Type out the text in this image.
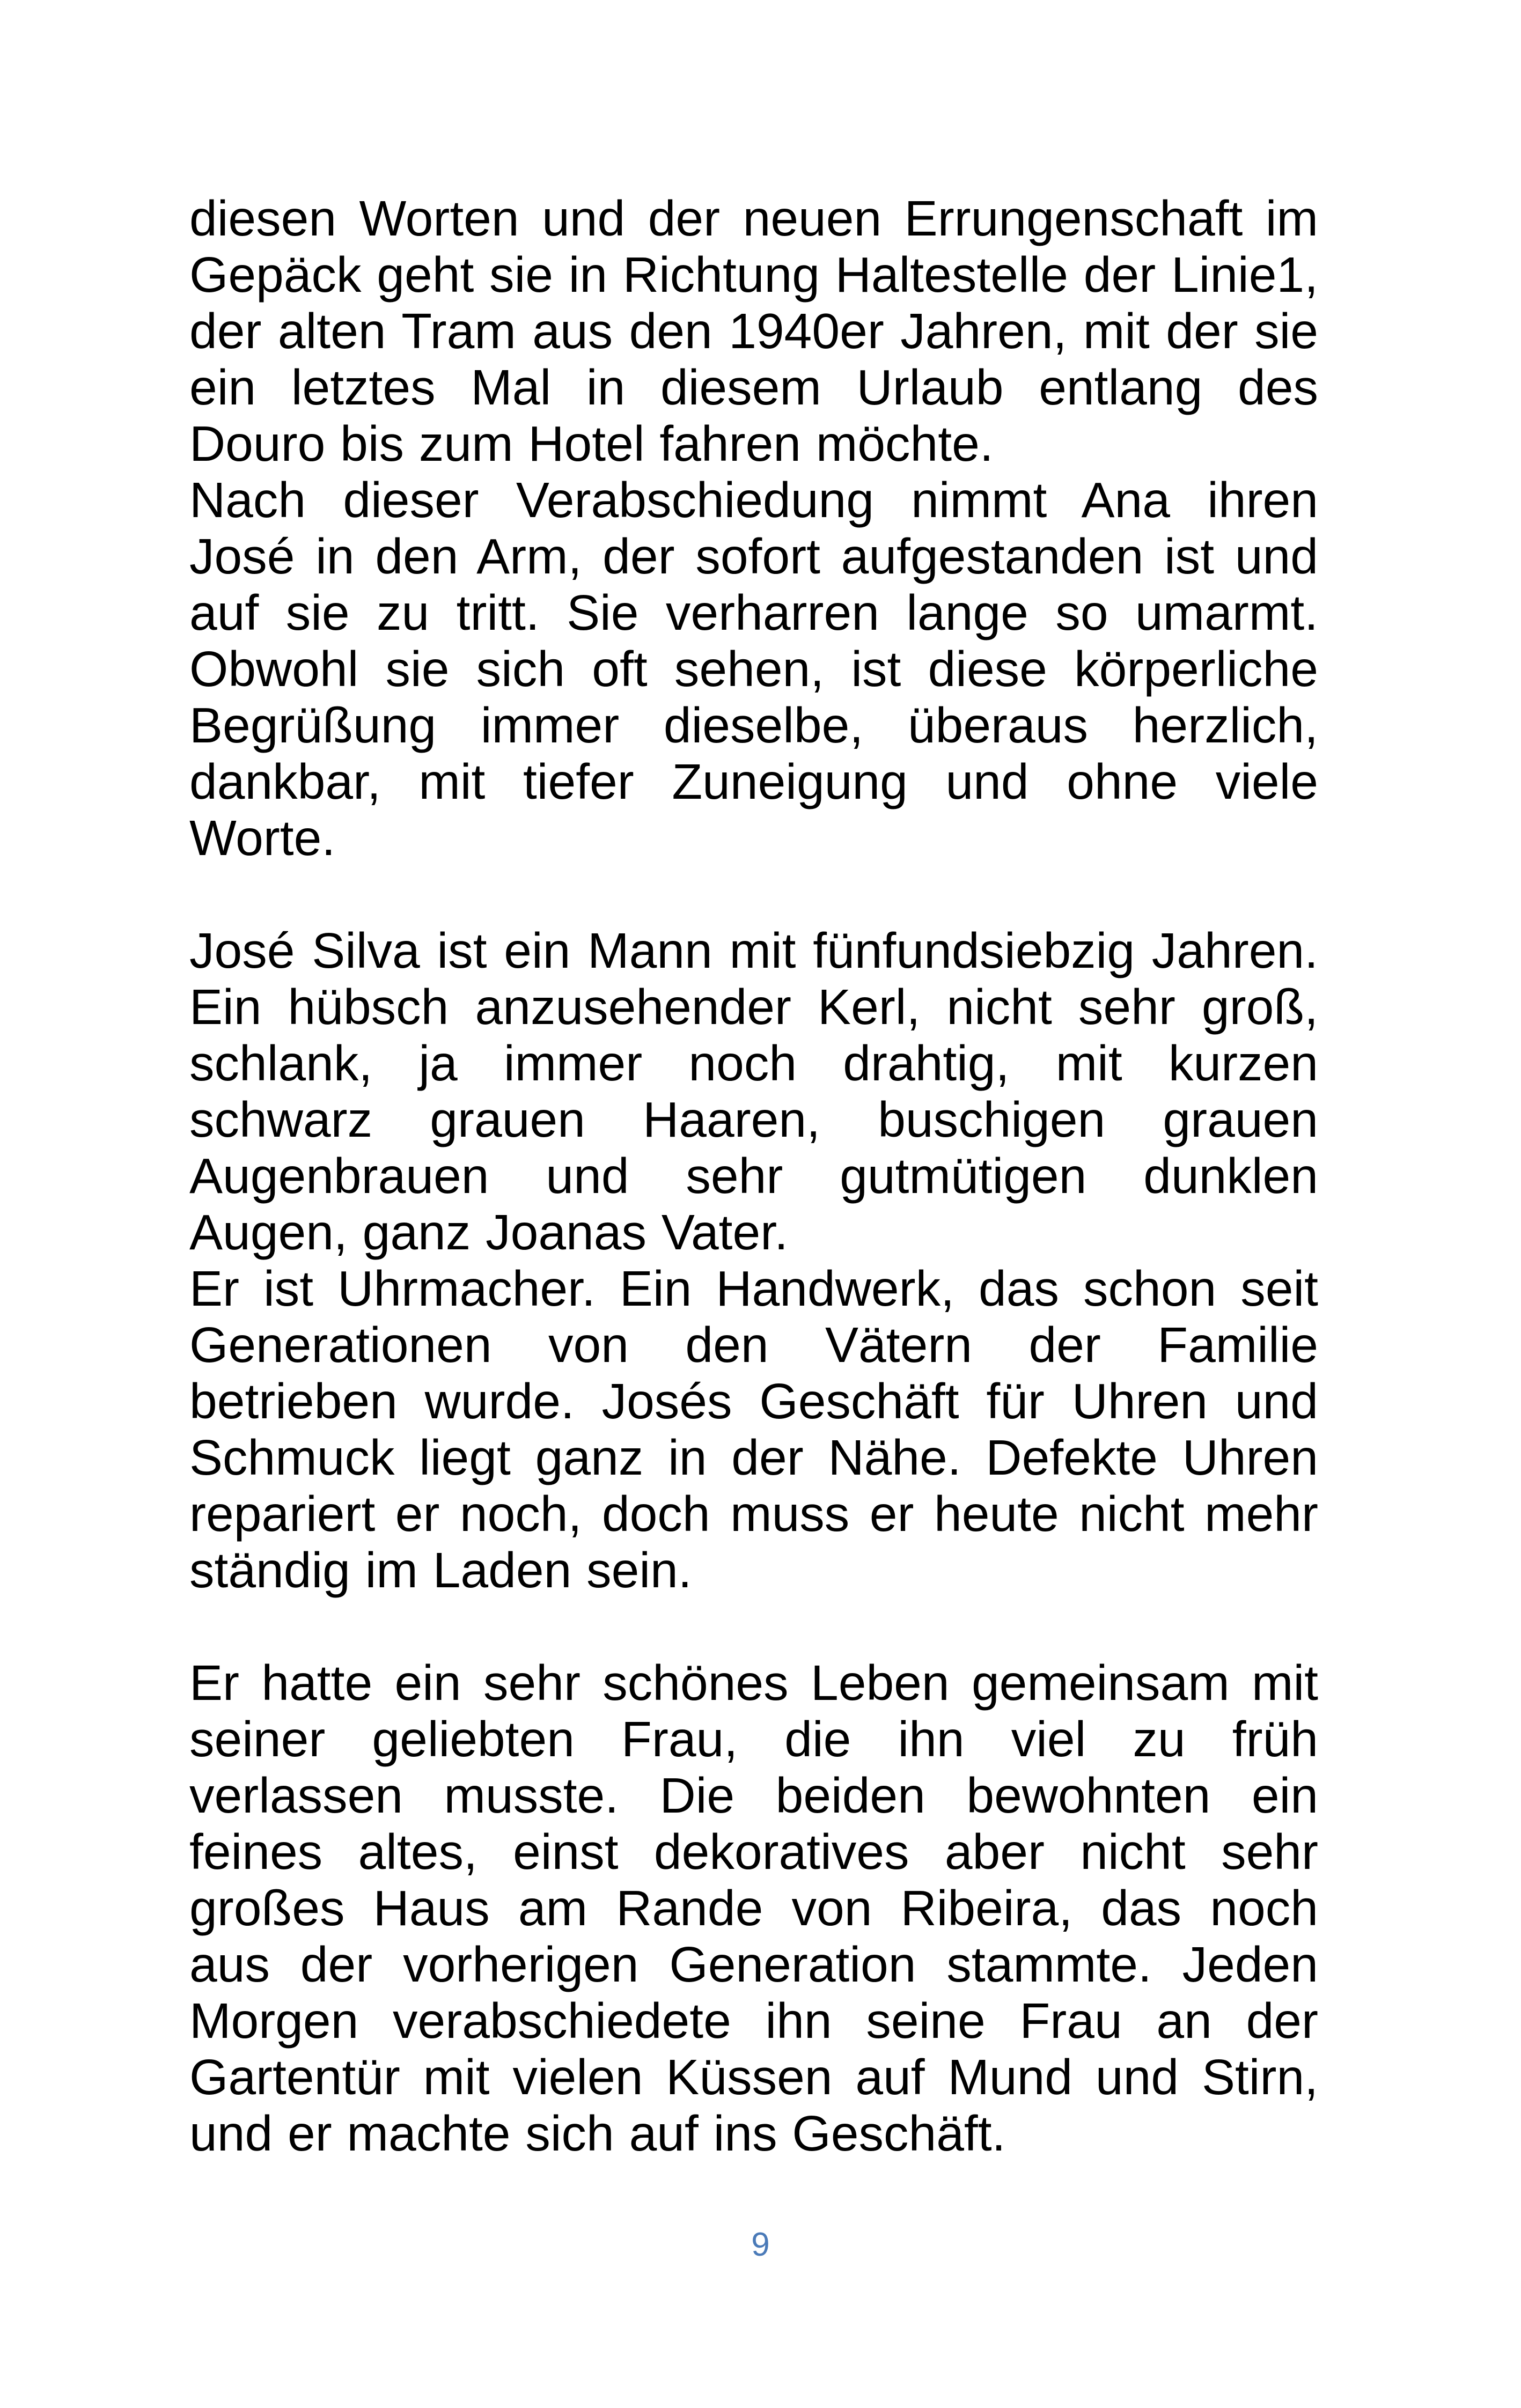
diesen Worten und der neuen Errungenschaft im Gepäck geht sie in Richtung Haltestelle der Linie1, der alten Tram aus den 1940er Jahren, mit der sie ein letztes Mal in diesem Urlaub entlang des Douro bis zum Hotel fahren möchte.

Nach dieser Verabschiedung nimmt Ana ihren José in den Arm, der sofort aufgestanden ist und auf sie zu tritt. Sie verharren lange so umarmt. Obwohl sie sich oft sehen, ist diese körperliche Begrüßung immer dieselbe, überaus herzlich, dankbar, mit tiefer Zuneigung und ohne viele Worte.

José Silva ist ein Mann mit fünfundsiebzig Jahren. Ein hübsch anzusehender Kerl, nicht sehr groß, schlank, ja immer noch drahtig, mit kurzen schwarz grauen Haaren, buschigen grauen Augenbrauen und sehr gutmütigen dunklen Augen, ganz Joanas Vater.

Er ist Uhrmacher. Ein Handwerk, das schon seit Generationen von den Vätern der Familie betrieben wurde. Josés Geschäft für Uhren und Schmuck liegt ganz in der Nähe. Defekte Uhren repariert er noch, doch muss er heute nicht mehr ständig im Laden sein.

Er hatte ein sehr schönes Leben gemeinsam mit seiner geliebten Frau, die ihn viel zu früh verlassen musste. Die beiden bewohnten ein feines altes, einst dekoratives aber nicht sehr großes Haus am Rande von Ribeira, das noch aus der vorherigen Generation stammte. Jeden Morgen verabschiedete ihn seine Frau an der Gartentür mit vielen Küssen auf Mund und Stirn, und er machte sich auf ins Geschäft.

9
